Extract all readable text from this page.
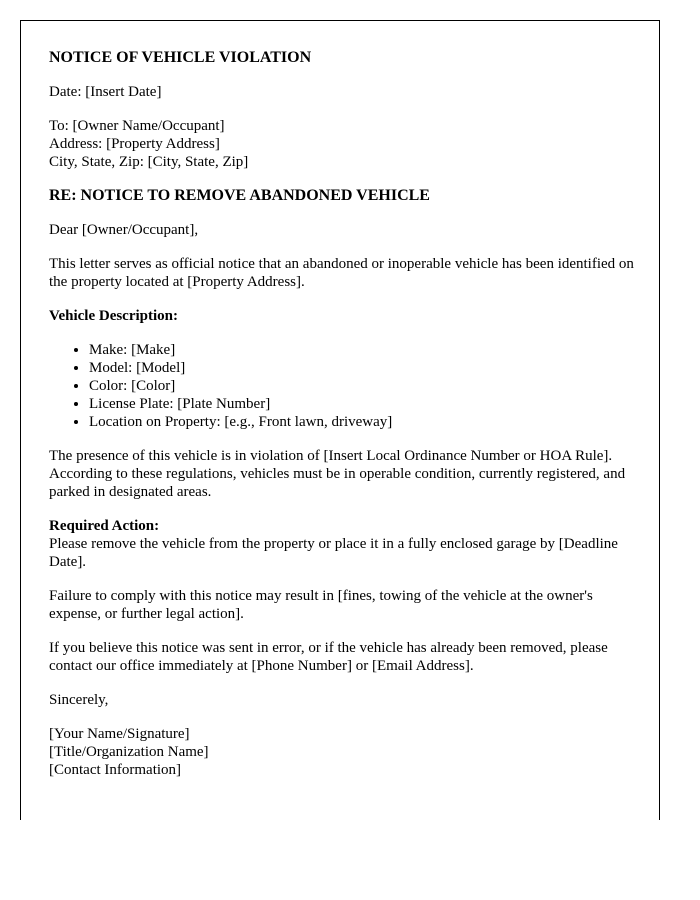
NOTICE OF VEHICLE VIOLATION

Date: [Insert Date]

To: [Owner Name/Occupant]
Address: [Property Address]
City, State, Zip: [City, State, Zip]

RE: NOTICE TO REMOVE ABANDONED VEHICLE

Dear [Owner/Occupant],

This letter serves as official notice that an abandoned or inoperable vehicle has been identified on the property located at [Property Address].

Vehicle Description:

• Make: [Make]
• Model: [Model]
• Color: [Color]
• License Plate: [Plate Number]
• Location on Property: [e.g., Front lawn, driveway]

The presence of this vehicle is in violation of [Insert Local Ordinance Number or HOA Rule]. According to these regulations, vehicles must be in operable condition, currently registered, and parked in designated areas.

Required Action:
Please remove the vehicle from the property or place it in a fully enclosed garage by [Deadline Date].

Failure to comply with this notice may result in [fines, towing of the vehicle at the owner's expense, or further legal action].

If you believe this notice was sent in error, or if the vehicle has already been removed, please contact our office immediately at [Phone Number] or [Email Address].

Sincerely,

[Your Name/Signature]
[Title/Organization Name]
[Contact Information]
